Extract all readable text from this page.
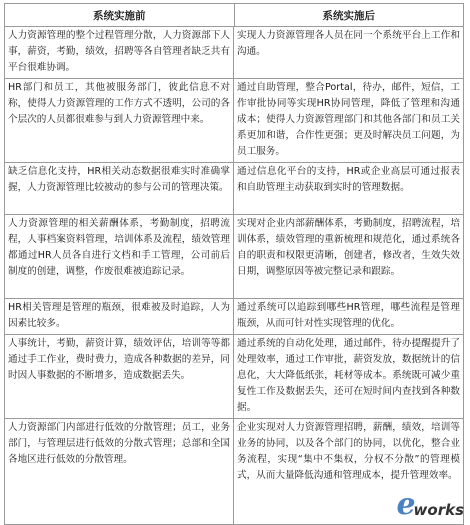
系统实施前	系统实施后
人力资源管理的整个过程管理分散，人力资源部下人事，薪资，考勤，绩效，招聘等各自管理者缺乏共有平台很难协调。
实现人力资源管理各人员在同一个系统平台上工作和沟通。
HR部门和员工，其他被服务部门，彼此信息不对称，使得人力资源管理的工作方式不透明，公司的各个层次的人员都很难参与到人力资源管理中来。
通过自助管理，整合Portal，待办，邮件，短信，工作审批协同等实现HR协同管理，降低了管理和沟通成本；使得人力资源管理部门和其他各部门和员工关系更加和谐，合作性更强；更及时解决员工问题，为员工服务。
缺乏信息化支持，HR相关动态数据很难实时准确掌握，人力资源管理比较被动的参与公司的管理决策。
通过信息化平台的支持，HR或企业高层可通过报表和自助管理主动获取到实时的管理数据。
人力资源管理的相关薪酬体系，考勤制度，招聘流程，人事档案资料管理，培训体系及流程，绩效管理都通过HR人员各自进行文档和手工管理，公司前后制度的创建，调整，作废很难被追踪记录。
实现对企业内部薪酬体系，考勤制度，招聘流程，培训体系，绩效管理的重新梳理和规范化，通过系统各自的职责和权限更清晰，创建者，修改者，生效失效日期，调整原因等被完整记录和跟踪。
HR相关管理是管理的瓶颈，很难被及时追踪，人为因素比较多。
通过系统可以追踪到哪些HR管理，哪些流程是管理瓶颈，从而可针对性实现管理的优化。
人事统计，考勤，薪资计算，绩效评估，培训等等都通过手工作业，费时费力，造成各种数据的差异，同时因人事数据的不断增多，造成数据丢失。
通过系统的自动化处理，通过邮件，待办提醒提升了处理效率，通过工作审批，薪资发放，数据统计的信息化，大大降低纸张，耗材等成本。系统既可减少重复性工作及数据丢失，还可在短时间内查找到各种数据。
人力资源部门内部进行低效的分散管理；员工，业务部门，与管理层进行低效的分散式管理；总部和全国各地区进行低效的分散管理。
企业实现对人力资源管理招聘，薪酬，绩效，培训等业务的协同，以及各个部门的协同，以优化，整合业务流程，实现“集中不集权，分权不分散”的管理模式，从而大量降低沟通和管理成本，提升管理效率。
e
works
